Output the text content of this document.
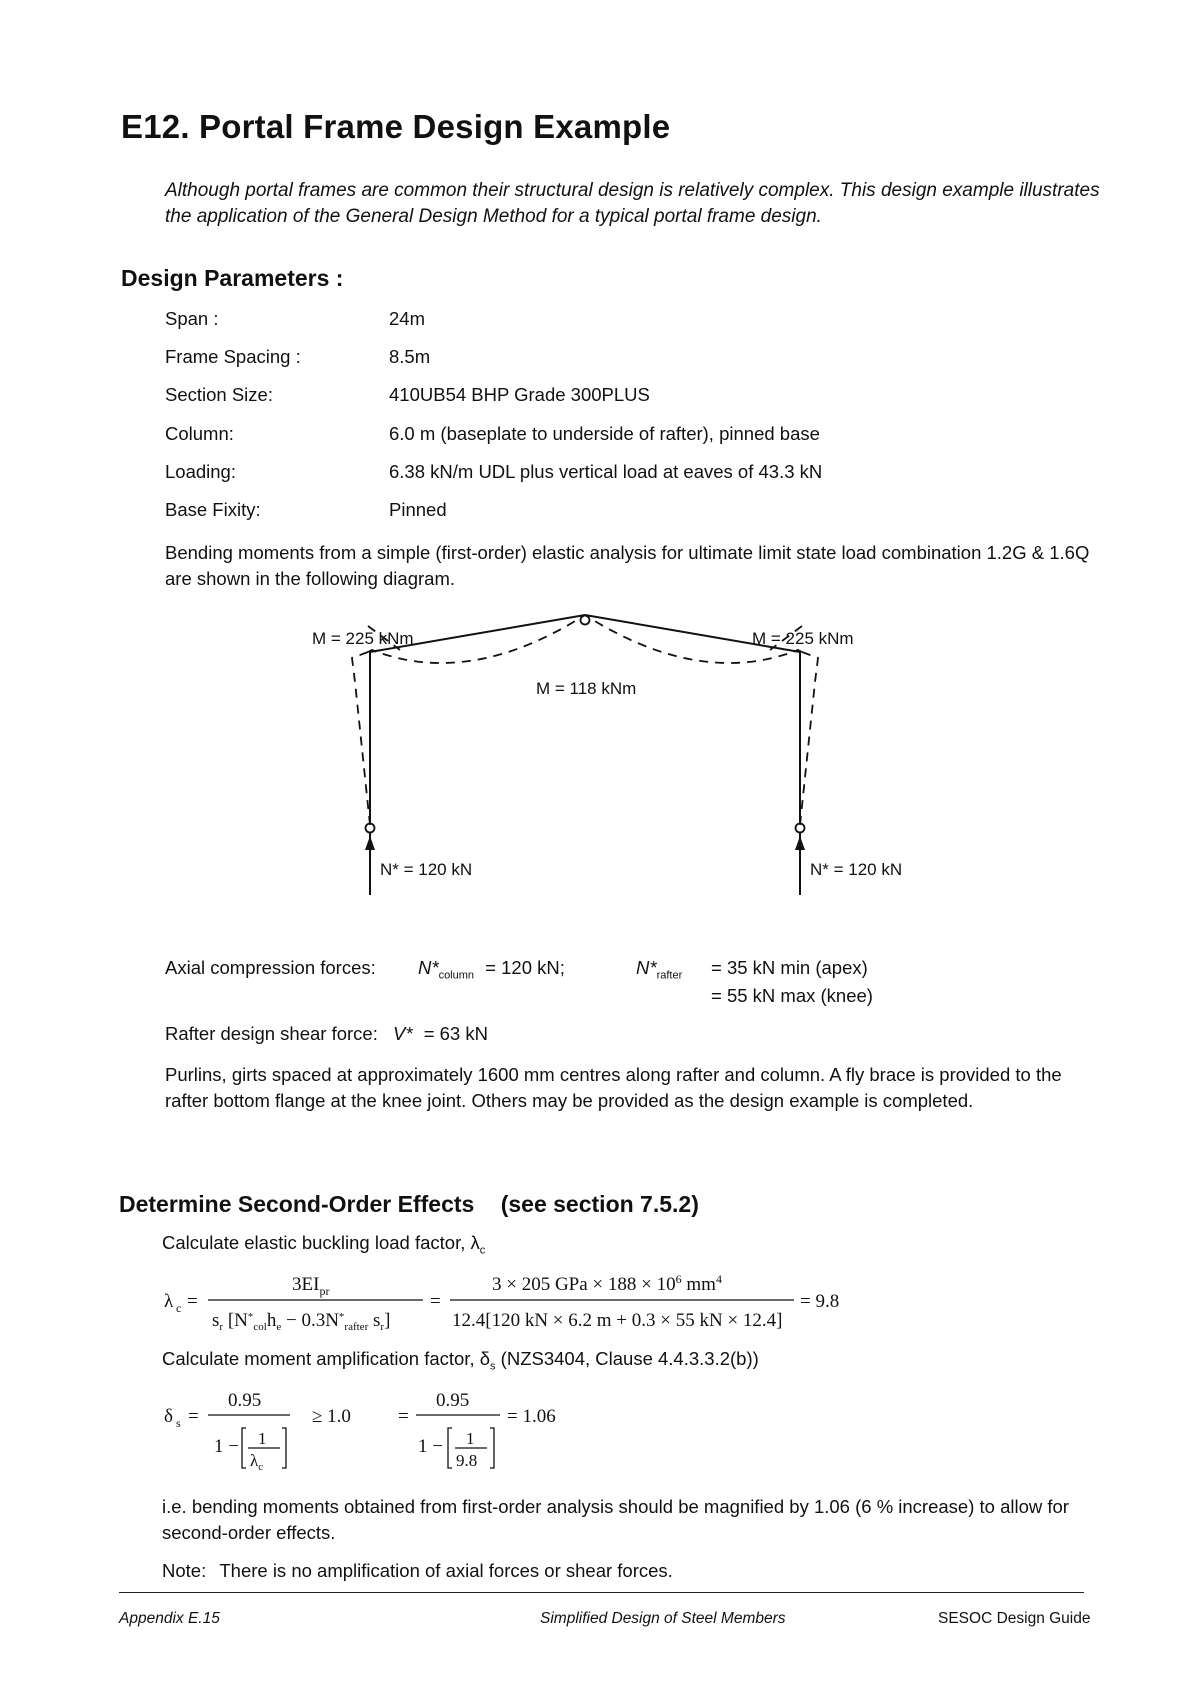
E12. Portal Frame Design Example

Although portal frames are common their structural design is relatively complex. This design example illustrates the application of the General Design Method for a typical portal frame design.

Design Parameters :
Span :	24m
Frame Spacing :	8.5m
Section Size:	410UB54 BHP Grade 300PLUS
Column:	6.0 m (baseplate to underside of rafter), pinned base
Loading:	6.38 kN/m UDL plus vertical load at eaves of 43.3 kN
Base Fixity:	Pinned

Bending moments from a simple (first-order) elastic analysis for ultimate limit state load combination 1.2G & 1.6Q are shown in the following diagram.

M = 225 kNm	M = 225 kNm
M = 118 kNm
N* = 120 kN	N* = 120 kN
Axial compression forces: $N*_{column} = 120$ kN;	$N*_{rafter} = 35$ kN min (apex)
= 55 kN max (knee)
Rafter design shear force: V* = 63 kN

Purlins, girts spaced at approximately 1600 mm centres along rafter and column. A fly brace is provided to the rafter bottom flange at the knee joint. Others may be provided as the design example is completed.

Determine Second-Order Effects (see section 7.5.2)
Calculate elastic buckling load factor, $\lambda_c$
λ c =
$3EI_{pr}$
$s_r$ [$N^*_{col}h_e - 0.3N^*_{rafter}$ $s_r$]
=
3 × 205 GPa × $188 \times 10^6$ $mm^4$
12.4[120 kN × 6.2 m + 0.3 × 55 kN × 12.4]
= 9.8
Calculate moment amplification factor, $\delta_s$ (NZS3404, Clause 4.4.3.3.2(b))
δ s =
0.95
1 − 1
$\lambda_c$
≥ 1.0 =
0.95
1 − 1
9.8
= 1.06

i.e. bending moments obtained from first-order analysis should be magnified by 1.06 (6 % increase) to allow for second-order effects.

Note: There is no amplification of axial forces or shear forces.
Appendix E.15	Simplified Design of Steel Members	SESOC Design Guide
